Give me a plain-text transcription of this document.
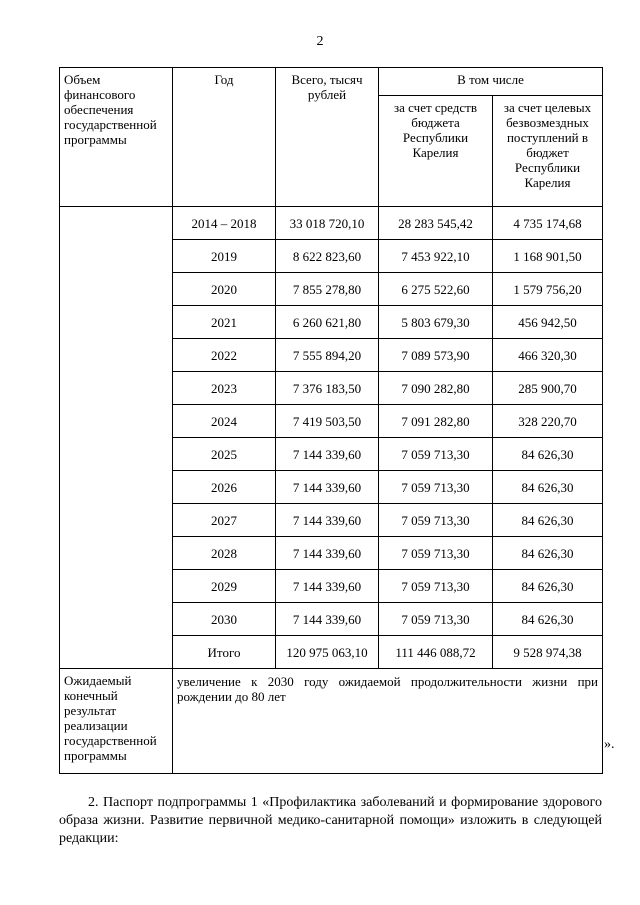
2
Объем финансового обеспечения государственной программы	Год	Всего, тысяч рублей	В том числе	
			за счет средств бюджета Республики Карелия	за счет целевых безвозмездных поступлений в бюджет Республики Карелия
	2014 – 2018	33 018 720,10	28 283 545,42	4 735 174,68
	2019	8 622 823,60	7 453 922,10	1 168 901,50
	2020	7 855 278,80	6 275 522,60	1 579 756,20
	2021	6 260 621,80	5 803 679,30	456 942,50
	2022	7 555 894,20	7 089 573,90	466 320,30
	2023	7 376 183,50	7 090 282,80	285 900,70
	2024	7 419 503,50	7 091 282,80	328 220,70
	2025	7 144 339,60	7 059 713,30	84 626,30
	2026	7 144 339,60	7 059 713,30	84 626,30
	2027	7 144 339,60	7 059 713,30	84 626,30
	2028	7 144 339,60	7 059 713,30	84 626,30
	2029	7 144 339,60	7 059 713,30	84 626,30
	2030	7 144 339,60	7 059 713,30	84 626,30
	Итого	120 975 063,10	111 446 088,72	9 528 974,38
Ожидаемый конечный результат реализации государственной программы	увеличение к 2030 году ожидаемой продолжительности жизни при рождении до 80 лет			
».

2. Паспорт подпрограммы 1 «Профилактика заболеваний и формирование здорового образа жизни. Развитие первичной медико-санитарной помощи» изложить в следующей редакции:
